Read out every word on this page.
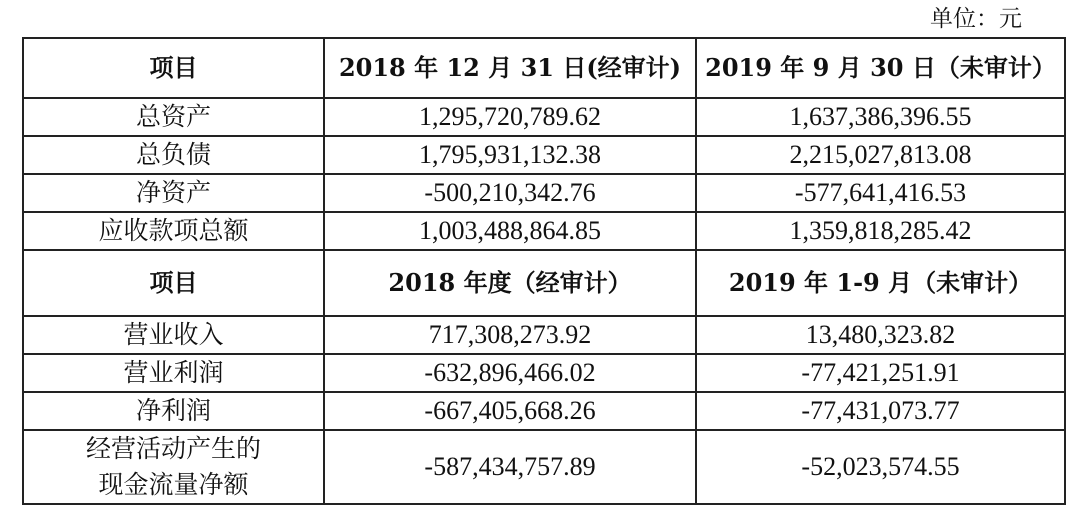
单位：元
项目	2018 年 12 月 31 日(经审计)	2019 年 9 月 30 日（未审计）
总资产	1,295,720,789.62	1,637,386,396.55
总负债	1,795,931,132.38	2,215,027,813.08
净资产	-500,210,342.76	-577,641,416.53
应收款项总额	1,003,488,864.85	1,359,818,285.42
项目	2018 年度（经审计）	2019 年 1-9 月（未审计）
营业收入	717,308,273.92	13,480,323.82
营业利润	-632,896,466.02	-77,421,251.91
净利润	-667,405,668.26	-77,431,073.77

经营活动产生的
现金流量净额	-587,434,757.89	-52,023,574.55
